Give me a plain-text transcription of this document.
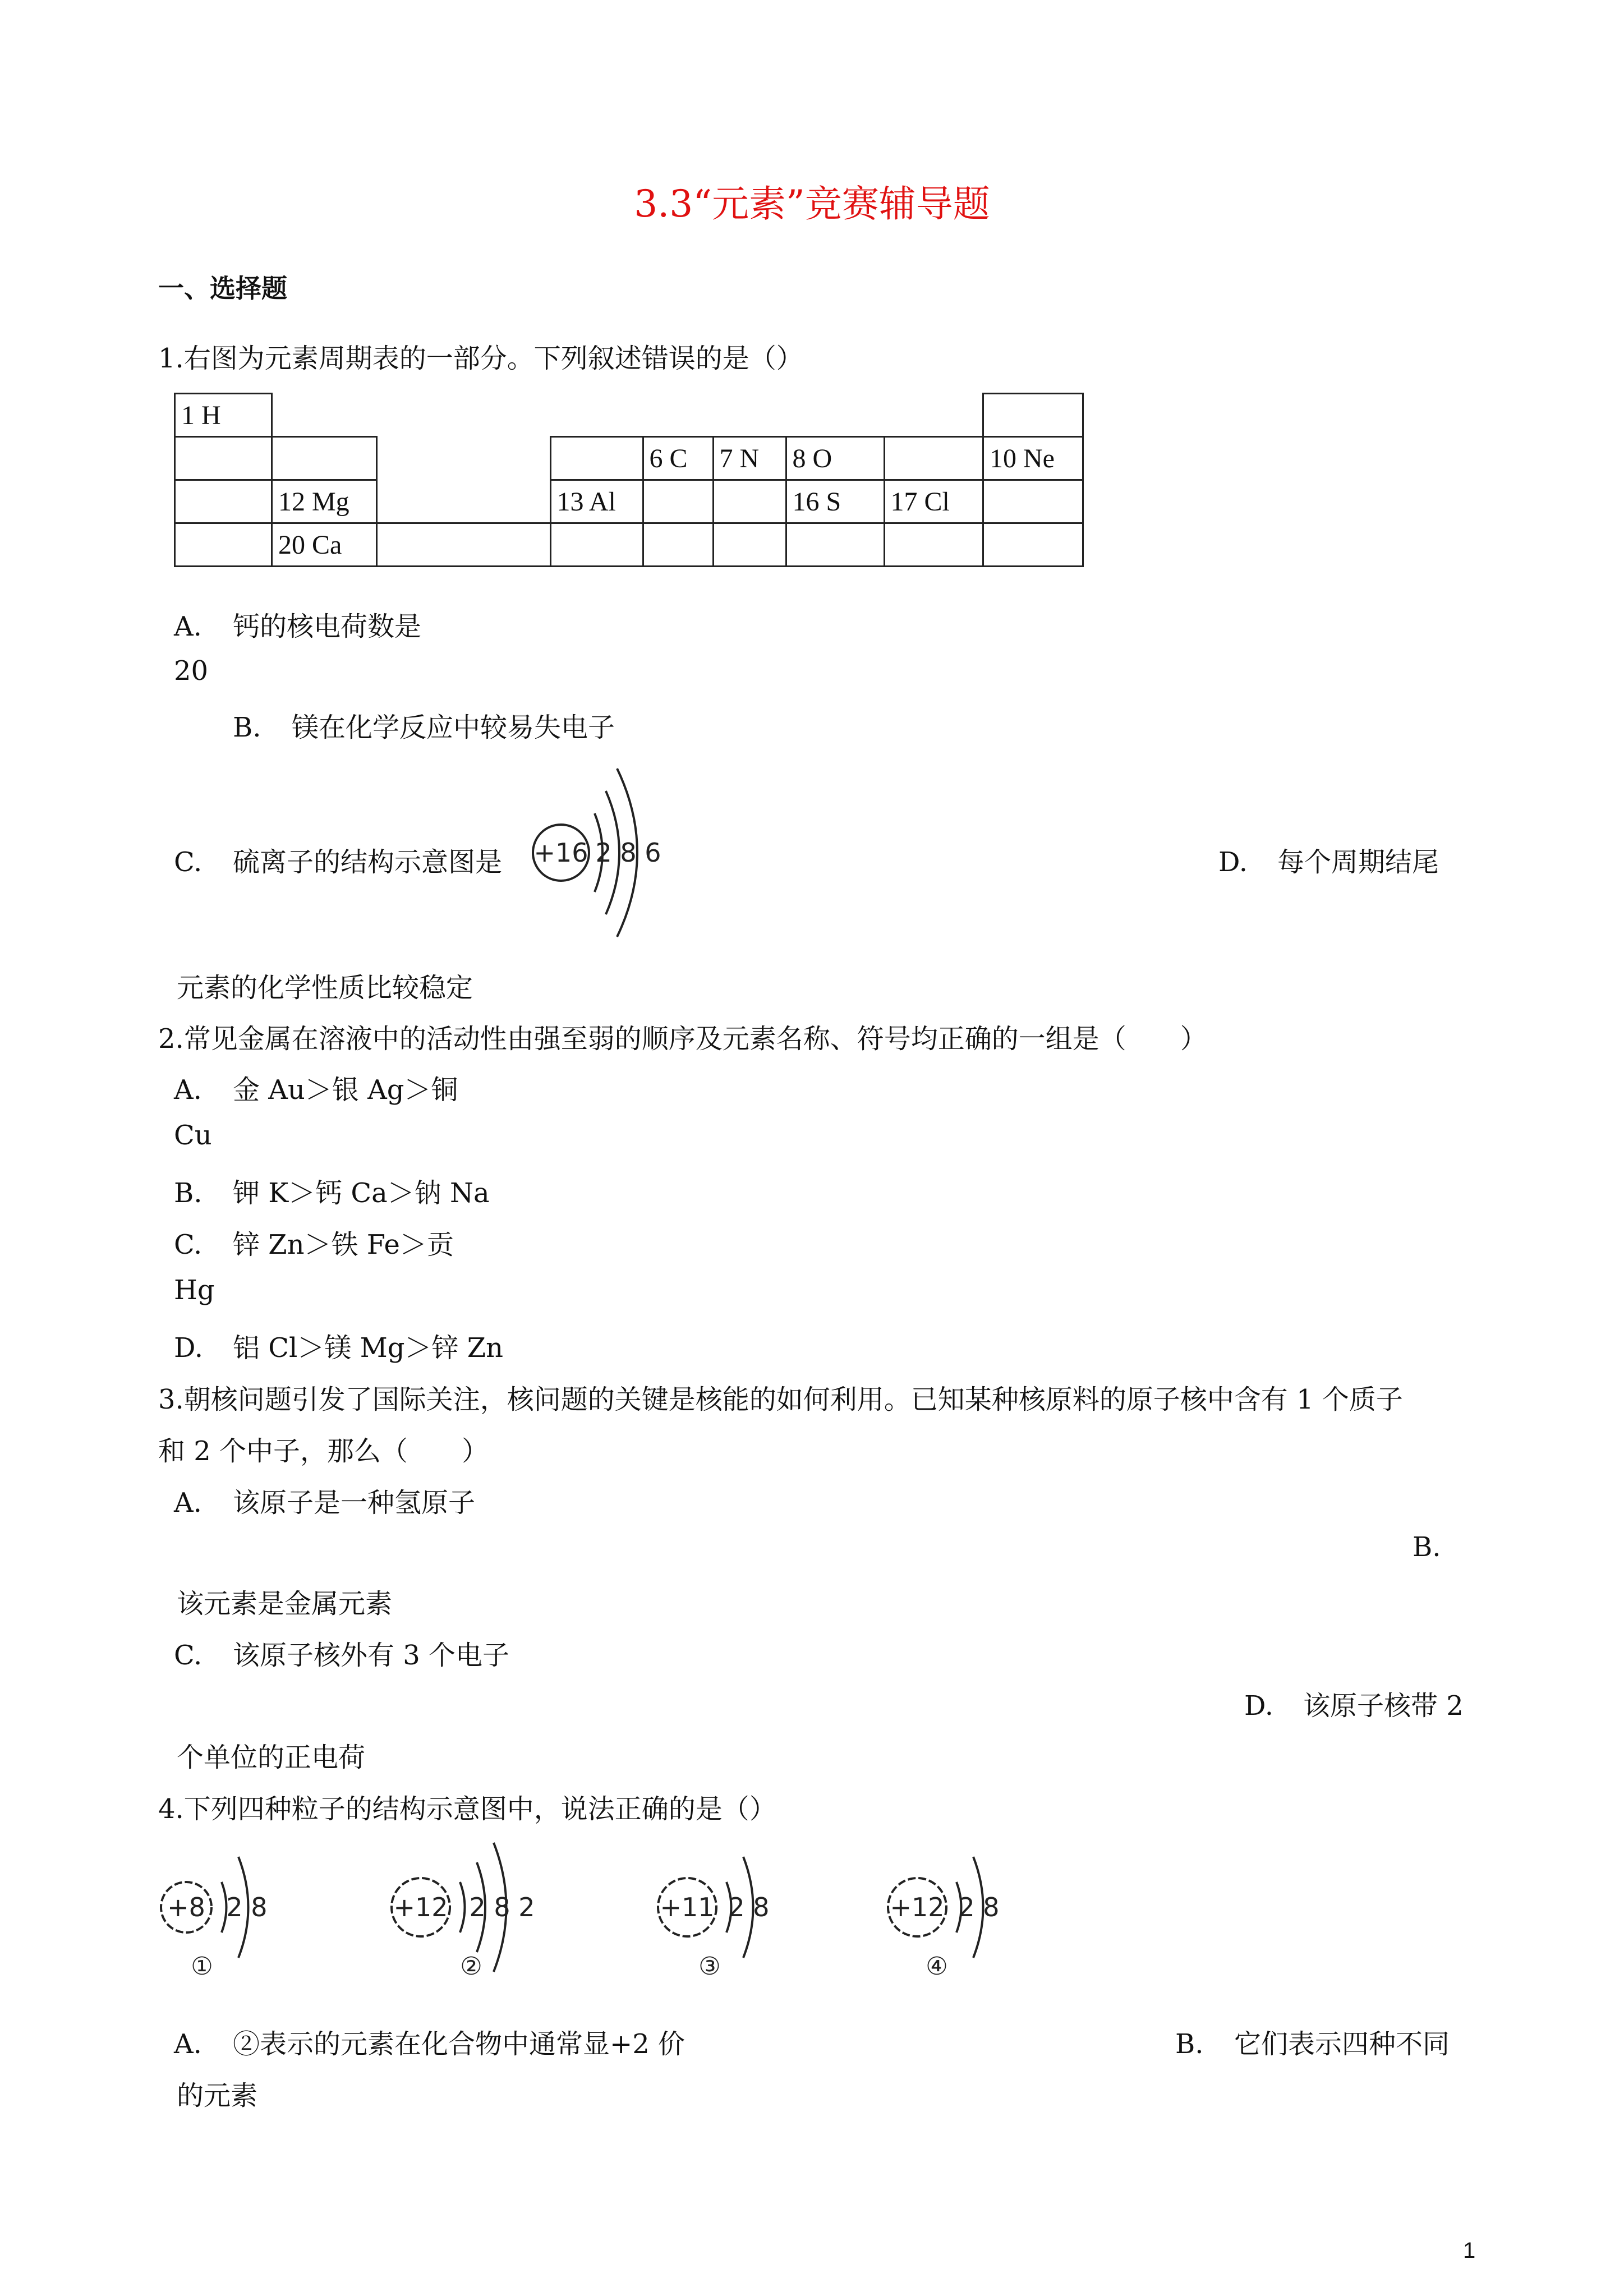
3.3“元素”竞赛辅导题
一、选择题
1.右图为元素周期表的一部分。下列叙述错误的是（）
1 H								
				6 C	7 N	8 O		10 Ne
	12 Mg		13 Al			16 S	17 Cl	
	20 Ca							
A. 钙的核电荷数是
20
B. 镁在化学反应中较易失电子
C. 硫离子的结构示意图是 +16 2 8 6	D. 每个周期结尾
元素的化学性质比较稳定
2.常见金属在溶液中的活动性由强至弱的顺序及元素名称、符号均正确的一组是（　　）
A. 金 Au＞银 Ag＞铜
Cu
B. 钾 K＞钙 Ca＞钠 Na
C. 锌 Zn＞铁 Fe＞贡
Hg
D. 铝 Cl＞镁 Mg＞锌 Zn
3.朝核问题引发了国际关注，核问题的关键是核能的如何利用。已知某种核原料的原子核中含有 1 个质子
和 2 个中子，那么（　　）
A. 该原子是一种氢原子
B.
该元素是金属元素
C. 该原子核外有 3 个电子
D. 该原子核带 2
个单位的正电荷
4.下列四种粒子的结构示意图中，说法正确的是（）
+8 2 8
①
+12 2 8 2
②
+11 2 8
③
+12 2 8
④
A. ②表示的元素在化合物中通常显+2 价	B. 它们表示四种不同
的元素
1
